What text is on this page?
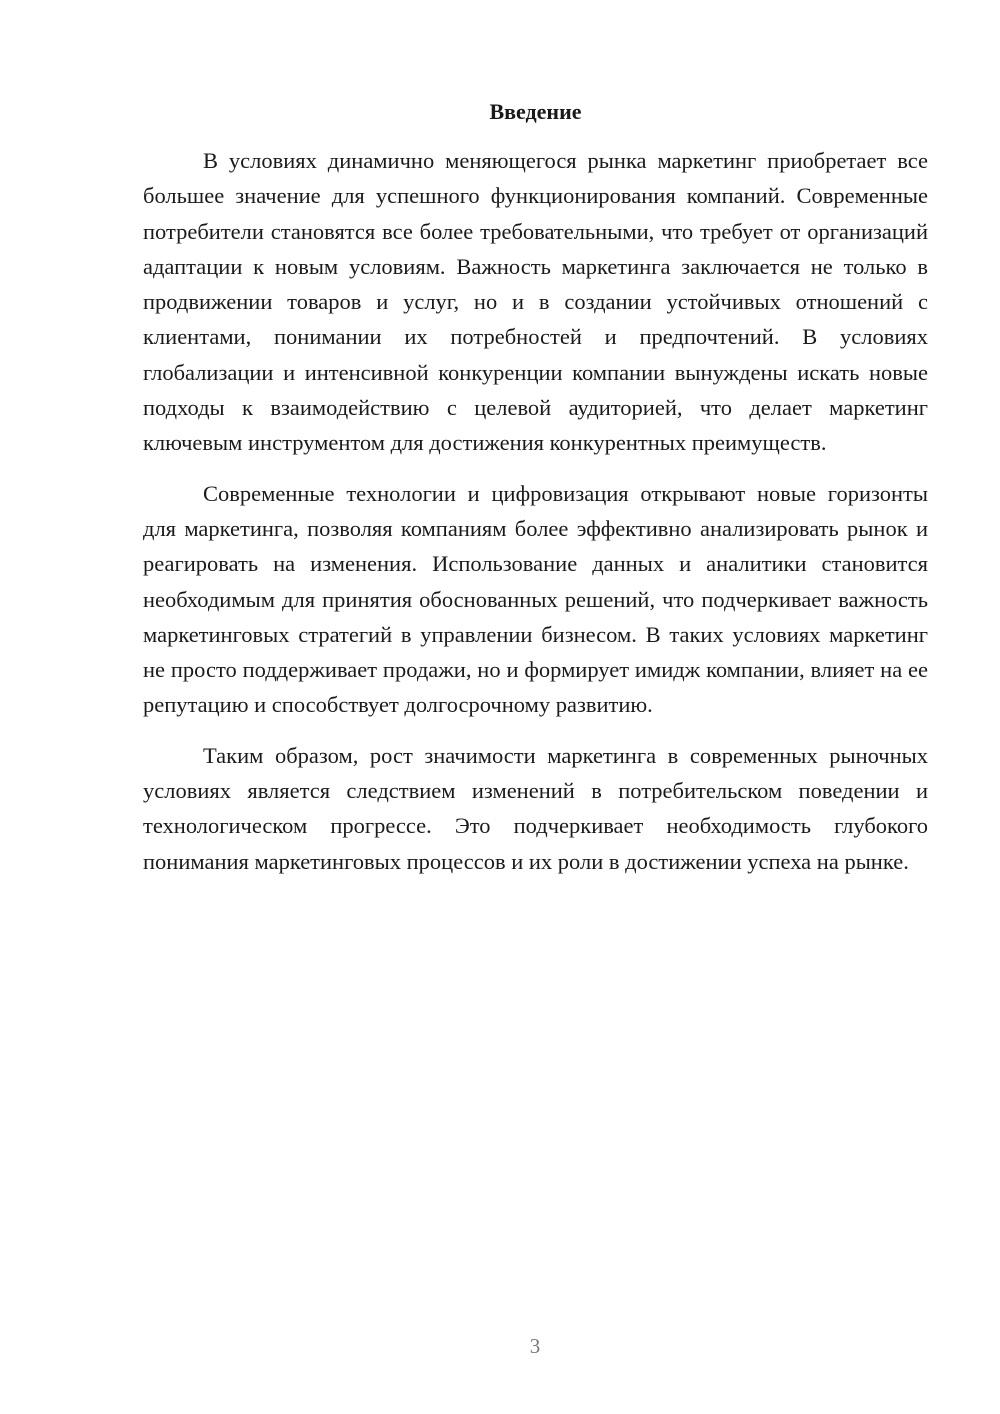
Введение

В условиях динамично меняющегося рынка маркетинг приобретает все большее значение для успешного функционирования компаний. Современные потребители становятся все более требовательными, что требует от организаций адаптации к новым условиям. Важность маркетинга заключается не только в продвижении товаров и услуг, но и в создании устойчивых отношений с клиентами, понимании их потребностей и предпочтений. В условиях глобализации и интенсивной конкуренции компании вынуждены искать новые подходы к взаимодействию с целевой аудиторией, что делает маркетинг ключевым инструментом для достижения конкурентных преимуществ.

Современные технологии и цифровизация открывают новые горизонты для маркетинга, позволяя компаниям более эффективно анализировать рынок и реагировать на изменения. Использование данных и аналитики становится необходимым для принятия обоснованных решений, что подчеркивает важность маркетинговых стратегий в управлении бизнесом. В таких условиях маркетинг не просто поддерживает продажи, но и формирует имидж компании, влияет на ее репутацию и способствует долгосрочному развитию.

Таким образом, рост значимости маркетинга в современных рыночных условиях является следствием изменений в потребительском поведении и технологическом прогрессе. Это подчеркивает необходимость глубокого понимания маркетинговых процессов и их роли в достижении успеха на рынке.

3
